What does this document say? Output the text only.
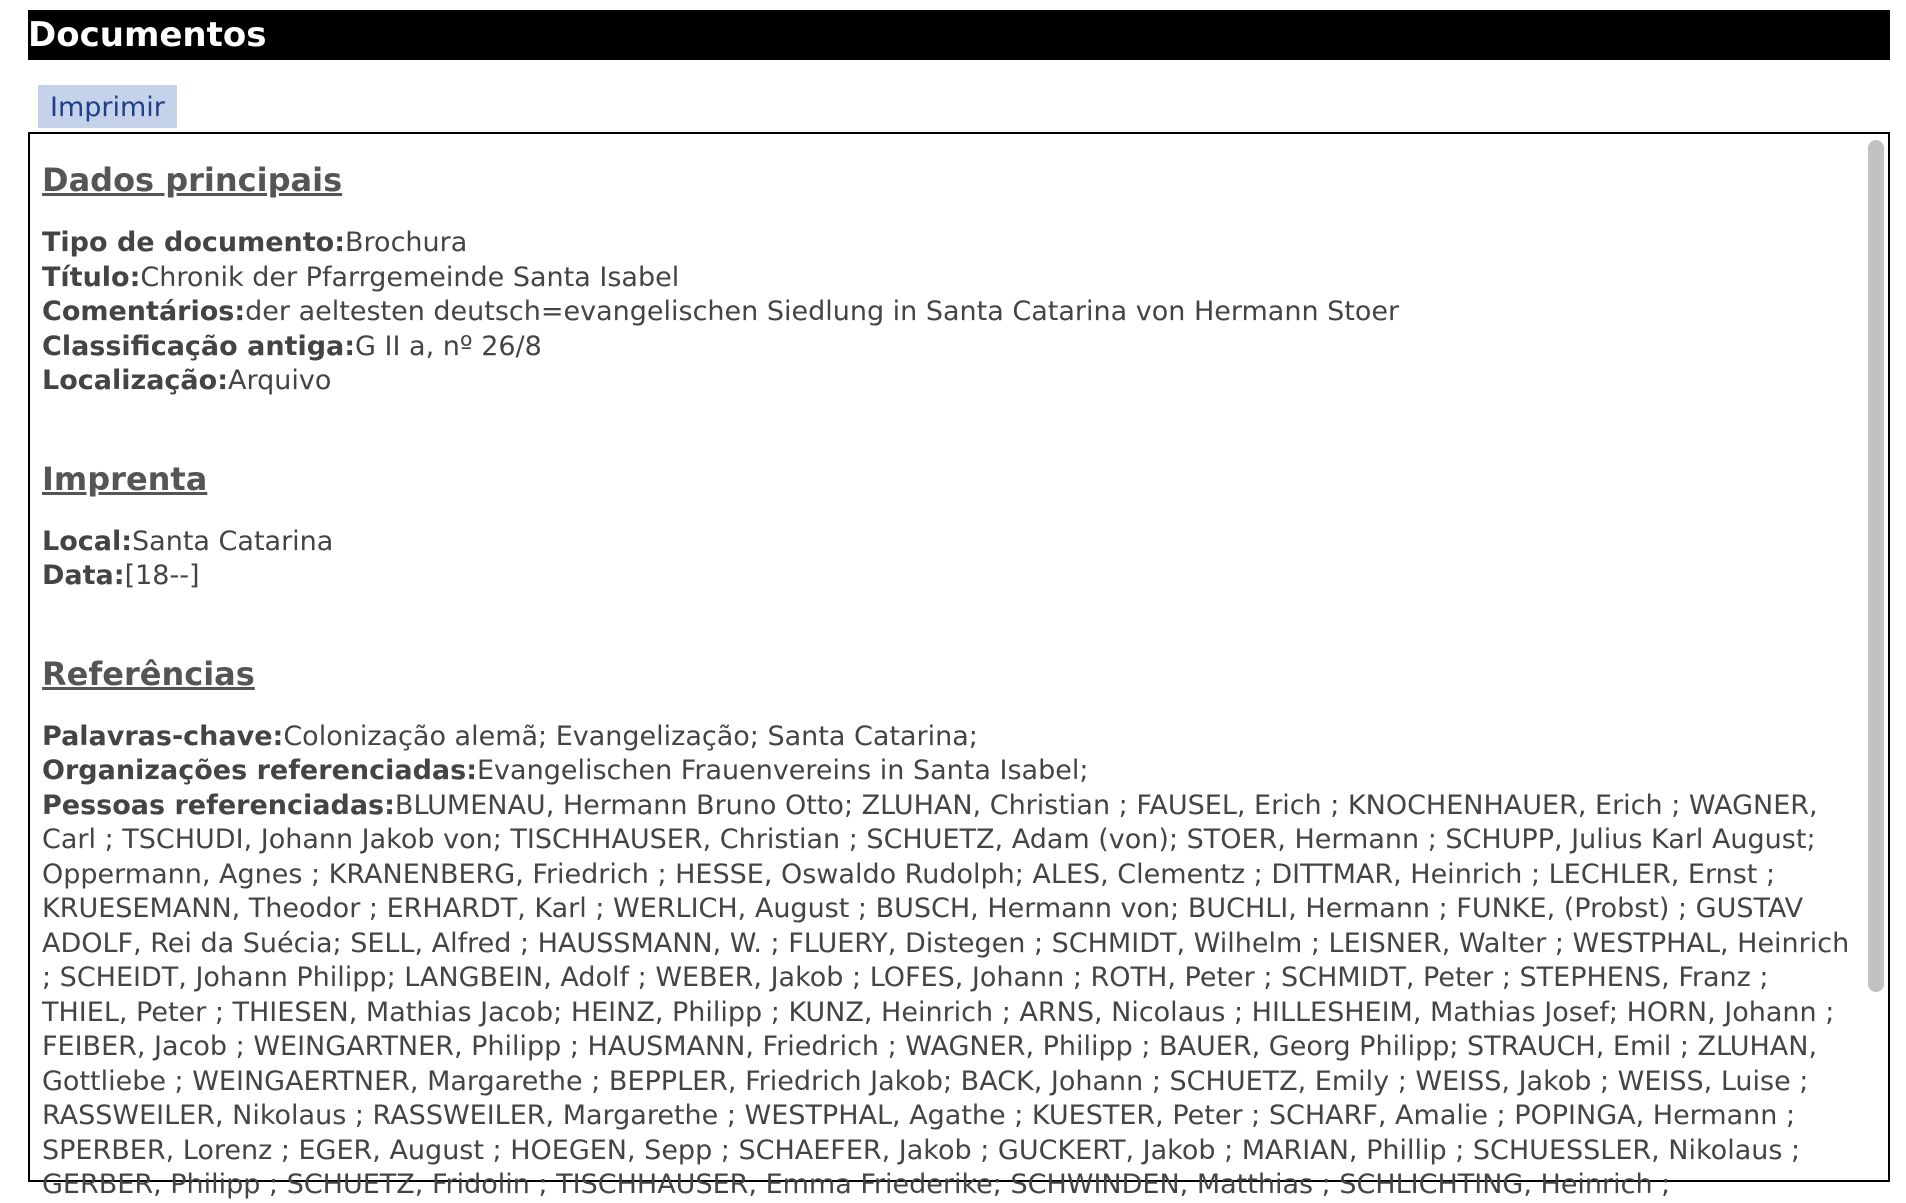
Documentos
Imprimir
Dados principais
Tipo de documento:Brochura
Título:Chronik der Pfarrgemeinde Santa Isabel
Comentários:der aeltesten deutsch=evangelischen Siedlung in Santa Catarina von Hermann Stoer
Classificação antiga:G II a, nº 26/8
Localização:Arquivo
Imprenta
Local:Santa Catarina
Data:[18--]
Referências
Palavras-chave:Colonização alemã; Evangelização; Santa Catarina;
Organizações referenciadas:Evangelischen Frauenvereins in Santa Isabel;
Pessoas referenciadas:BLUMENAU, Hermann Bruno Otto; ZLUHAN, Christian ; FAUSEL, Erich ; KNOCHENHAUER, Erich ; WAGNER, Carl ; TSCHUDI, Johann Jakob von; TISCHHAUSER, Christian ; SCHUETZ, Adam (von); STOER, Hermann ; SCHUPP, Julius Karl August; Oppermann, Agnes ; KRANENBERG, Friedrich ; HESSE, Oswaldo Rudolph; ALES, Clementz ; DITTMAR, Heinrich ; LECHLER, Ernst ; KRUESEMANN, Theodor ; ERHARDT, Karl ; WERLICH, August ; BUSCH, Hermann von; BUCHLI, Hermann ; FUNKE, (Probst) ; GUSTAV ADOLF, Rei da Suécia; SELL, Alfred ; HAUSSMANN, W. ; FLUERY, Distegen ; SCHMIDT, Wilhelm ; LEISNER, Walter ; WESTPHAL, Heinrich ; SCHEIDT, Johann Philipp; LANGBEIN, Adolf ; WEBER, Jakob ; LOFES, Johann ; ROTH, Peter ; SCHMIDT, Peter ; STEPHENS, Franz ; THIEL, Peter ; THIESEN, Mathias Jacob; HEINZ, Philipp ; KUNZ, Heinrich ; ARNS, Nicolaus ; HILLESHEIM, Mathias Josef; HORN, Johann ; FEIBER, Jacob ; WEINGARTNER, Philipp ; HAUSMANN, Friedrich ; WAGNER, Philipp ; BAUER, Georg Philipp; STRAUCH, Emil ; ZLUHAN, Gottliebe ; WEINGAERTNER, Margarethe ; BEPPLER, Friedrich Jakob; BACK, Johann ; SCHUETZ, Emily ; WEISS, Jakob ; WEISS, Luise ; RASSWEILER, Nikolaus ; RASSWEILER, Margarethe ; WESTPHAL, Agathe ; KUESTER, Peter ; SCHARF, Amalie ; POPINGA, Hermann ; SPERBER, Lorenz ; EGER, August ; HOEGEN, Sepp ; SCHAEFER, Jakob ; GUCKERT, Jakob ; MARIAN, Phillip ; SCHUESSLER, Nikolaus ; GERBER, Philipp ; SCHUETZ, Fridolin ; TISCHHAUSER, Emma Friederike; SCHWINDEN, Matthias ; SCHLICHTING, Heinrich ;
